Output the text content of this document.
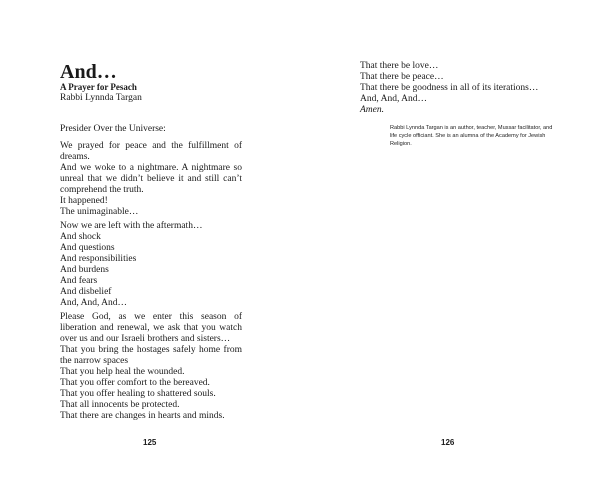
And…
A Prayer for Pesach
Rabbi Lynnda Targan

Presider Over the Universe:

We prayed for peace and the fulfillment of dreams.

And we woke to a nightmare. A nightmare so unreal that we didn’t believe it and still can’t comprehend the truth.

It happened!

The unimaginable…

Now we are left with the aftermath…

And shock

And questions

And responsibilities

And burdens

And fears

And disbelief

And, And, And…

Please God, as we enter this season of liberation and renewal, we ask that you watch over us and our Israeli brothers and sisters…

That you bring the hostages safely home from the narrow spaces

That you help heal the wounded.

That you offer comfort to the bereaved.

That you offer healing to shattered souls.

That all innocents be protected.

That there are changes in hearts and minds.

125

That there be love…

That there be peace…

That there be goodness in all of its iterations…

And, And, And…

Amen.

Rabbi Lynnda Targan is an author, teacher, Mussar facilitator, and life cycle officiant. She is an alumna of the Academy for Jewish Religion.
126
